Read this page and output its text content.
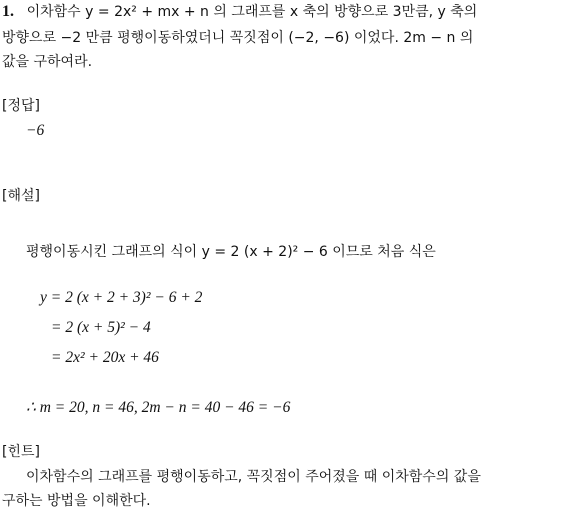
1. 이차함수 y = 2x² + mx + n 의 그래프를 x 축의 방향으로 3만큼, y 축의
방향으로 −2 만큼 평행이동하였더니 꼭짓점이 (−2, −6) 이었다. 2m − n 의
값을 구하여라.
[정답]
−6
[해설]
평행이동시킨 그래프의 식이 y = 2 (x + 2)² − 6 이므로 처음 식은
y = 2 (x + 2 + 3)² − 6 + 2
= 2 (x + 5)² − 4
= 2x² + 20x + 46
∴ m = 20, n = 46, 2m − n = 40 − 46 = −6
[힌트]
이차함수의 그래프를 평행이동하고, 꼭짓점이 주어졌을 때 이차함수의 값을
구하는 방법을 이해한다.
